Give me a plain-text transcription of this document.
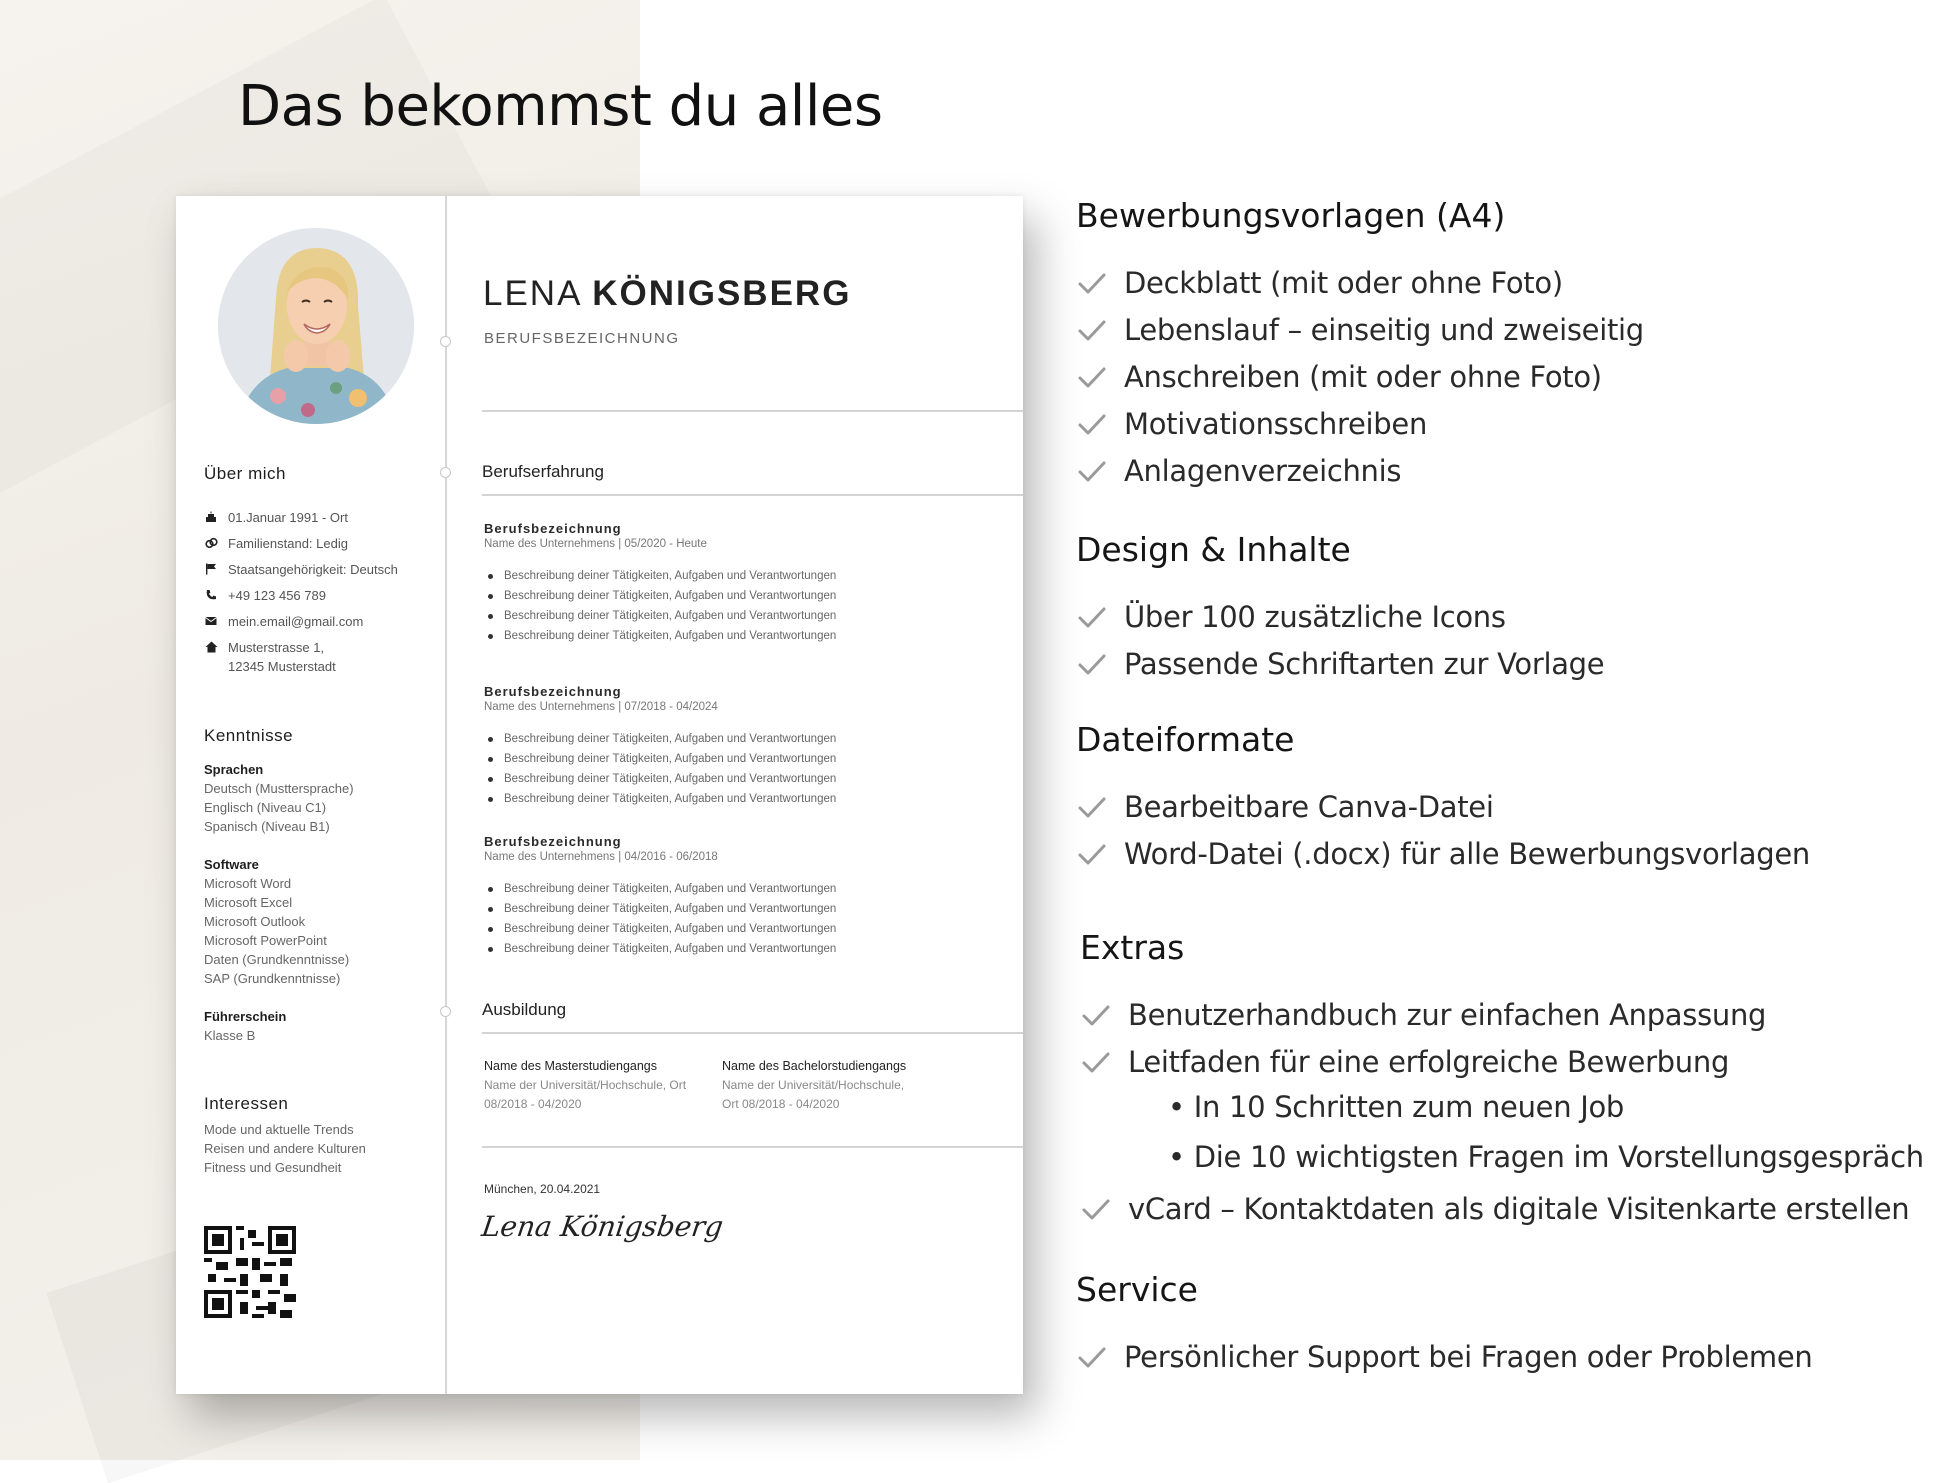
Das bekommst du alles
Über mich
01.Januar 1991 - Ort
Familienstand: Ledig
Staatsangehörigkeit: Deutsch
+49 123 456 789
mein.email@gmail.com
Musterstrasse 1,
12345 Musterstadt
Kenntnisse

Sprachen

Deutsch (Musttersprache)

Englisch (Niveau C1)

Spanisch (Niveau B1)

Software

Microsoft Word

Microsoft Excel

Microsoft Outlook

Microsoft PowerPoint

Daten (Grundkenntnisse)

SAP (Grundkenntnisse)

Führerschein

Klasse B

Interessen

Mode und aktuelle Trends

Reisen und andere Kulturen

Fitness und Gesundheit

LENA KÖNIGSBERG
BERUFSBEZEICHNUNG
Berufserfahrung

Berufsbezeichnung

Name des Unternehmens | 05/2020 - Heute

Beschreibung deiner Tätigkeiten, Aufgaben und Verantwortungen
Beschreibung deiner Tätigkeiten, Aufgaben und Verantwortungen
Beschreibung deiner Tätigkeiten, Aufgaben und Verantwortungen
Beschreibung deiner Tätigkeiten, Aufgaben und Verantwortungen

Berufsbezeichnung

Name des Unternehmens | 07/2018 - 04/2024

Beschreibung deiner Tätigkeiten, Aufgaben und Verantwortungen
Beschreibung deiner Tätigkeiten, Aufgaben und Verantwortungen
Beschreibung deiner Tätigkeiten, Aufgaben und Verantwortungen
Beschreibung deiner Tätigkeiten, Aufgaben und Verantwortungen

Berufsbezeichnung

Name des Unternehmens | 04/2016 - 06/2018

Beschreibung deiner Tätigkeiten, Aufgaben und Verantwortungen
Beschreibung deiner Tätigkeiten, Aufgaben und Verantwortungen
Beschreibung deiner Tätigkeiten, Aufgaben und Verantwortungen
Beschreibung deiner Tätigkeiten, Aufgaben und Verantwortungen
Ausbildung

Name des Masterstudiengangs

Name der Universität/Hochschule, Ort

08/2018 - 04/2020

Name des Bachelorstudiengangs

Name der Universität/Hochschule,

Ort 08/2018 - 04/2020

München, 20.04.2021
Lena Königsberg
Bewerbungsvorlagen (A4)
Deckblatt (mit oder ohne Foto)
Lebenslauf – einseitig und zweiseitig
Anschreiben (mit oder ohne Foto)
Motivationsschreiben
Anlagenverzeichnis
Design & Inhalte
Über 100 zusätzliche Icons
Passende Schriftarten zur Vorlage
Dateiformate
Bearbeitbare Canva-Datei
Word-Datei (.docx) für alle Bewerbungsvorlagen
Extras
Benutzerhandbuch zur einfachen Anpassung
Leitfaden für eine erfolgreiche Bewerbung
• In 10 Schritten zum neuen Job
• Die 10 wichtigsten Fragen im Vorstellungsgespräch
vCard – Kontaktdaten als digitale Visitenkarte erstellen
Service
Persönlicher Support bei Fragen oder Problemen
